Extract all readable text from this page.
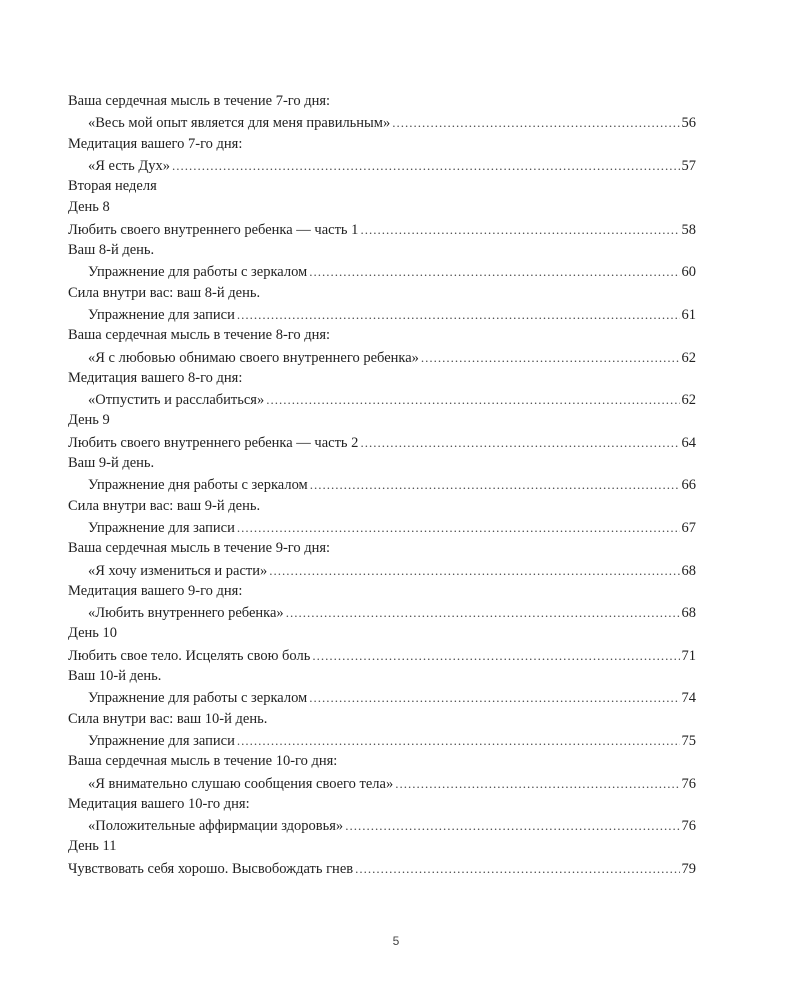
Ваша сердечная мысль в течение 7-го дня:
«Весь мой опыт является для меня правильным» .....	56
Медитация вашего 7-го дня:
«Я есть Дух» .....	57
Вторая неделя
День 8
Любить своего внутреннего ребенка — часть 1 .....	58
Ваш 8-й день.
Упражнение для работы с зеркалом .....	60
Сила внутри вас: ваш 8-й день.
Упражнение для записи .....	61
Ваша сердечная мысль в течение 8-го дня:
«Я с любовью обнимаю своего внутреннего ребенка» .....	62
Медитация вашего 8-го дня:
«Отпустить и расслабиться» .....	62
День 9
Любить своего внутреннего ребенка — часть 2 .....	64
Ваш 9-й день.
Упражнение дня работы с зеркалом .....	66
Сила внутри вас: ваш 9-й день.
Упражнение для записи .....	67
Ваша сердечная мысль в течение 9-го дня:
«Я хочу измениться и расти» .....	68
Медитация вашего 9-го дня:
«Любить внутреннего ребенка» .....	68
День 10
Любить свое тело. Исцелять свою боль .....	71
Ваш 10-й день.
Упражнение для работы с зеркалом .....	74
Сила внутри вас: ваш 10-й день.
Упражнение для записи .....	75
Ваша сердечная мысль в течение 10-го дня:
«Я внимательно слушаю сообщения своего тела» .....	76
Медитация вашего 10-го дня:
«Положительные аффирмации здоровья» .....	76
День 11
Чувствовать себя хорошо. Высвобождать гнев .....	79
5
